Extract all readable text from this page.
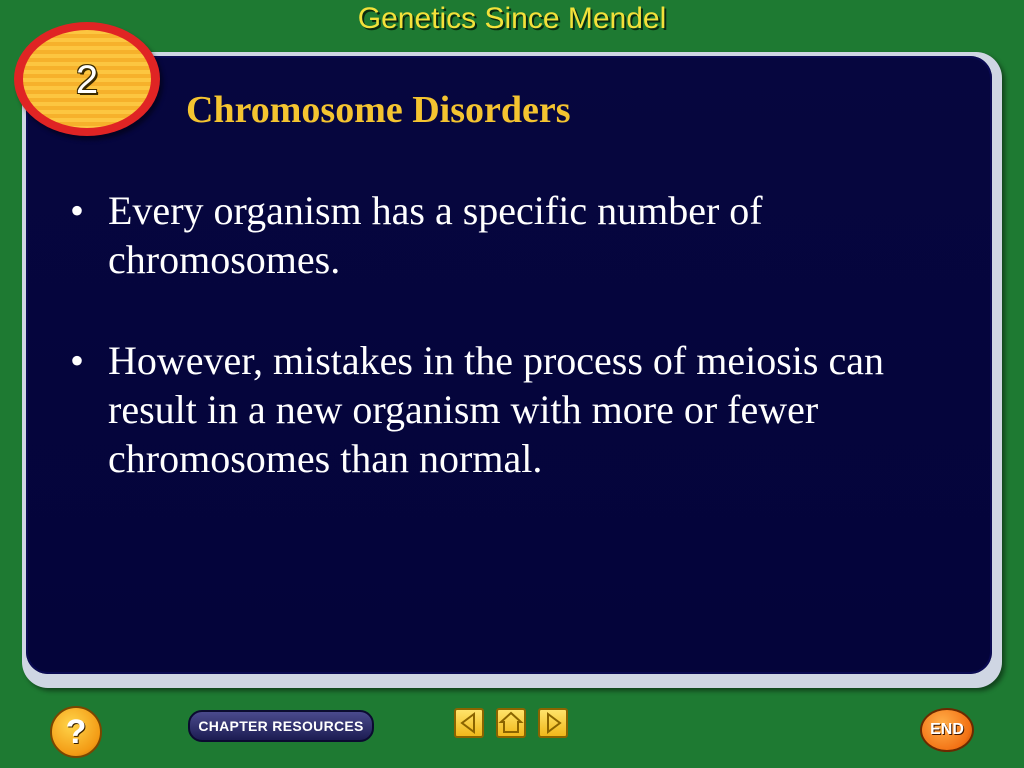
Genetics Since Mendel
2
Chromosome Disorders
• Every organism has a specific number of chromosomes.
• However, mistakes in the process of meiosis can result in a new organism with more or fewer chromosomes than normal.
?	CHAPTER RESOURCES	END
